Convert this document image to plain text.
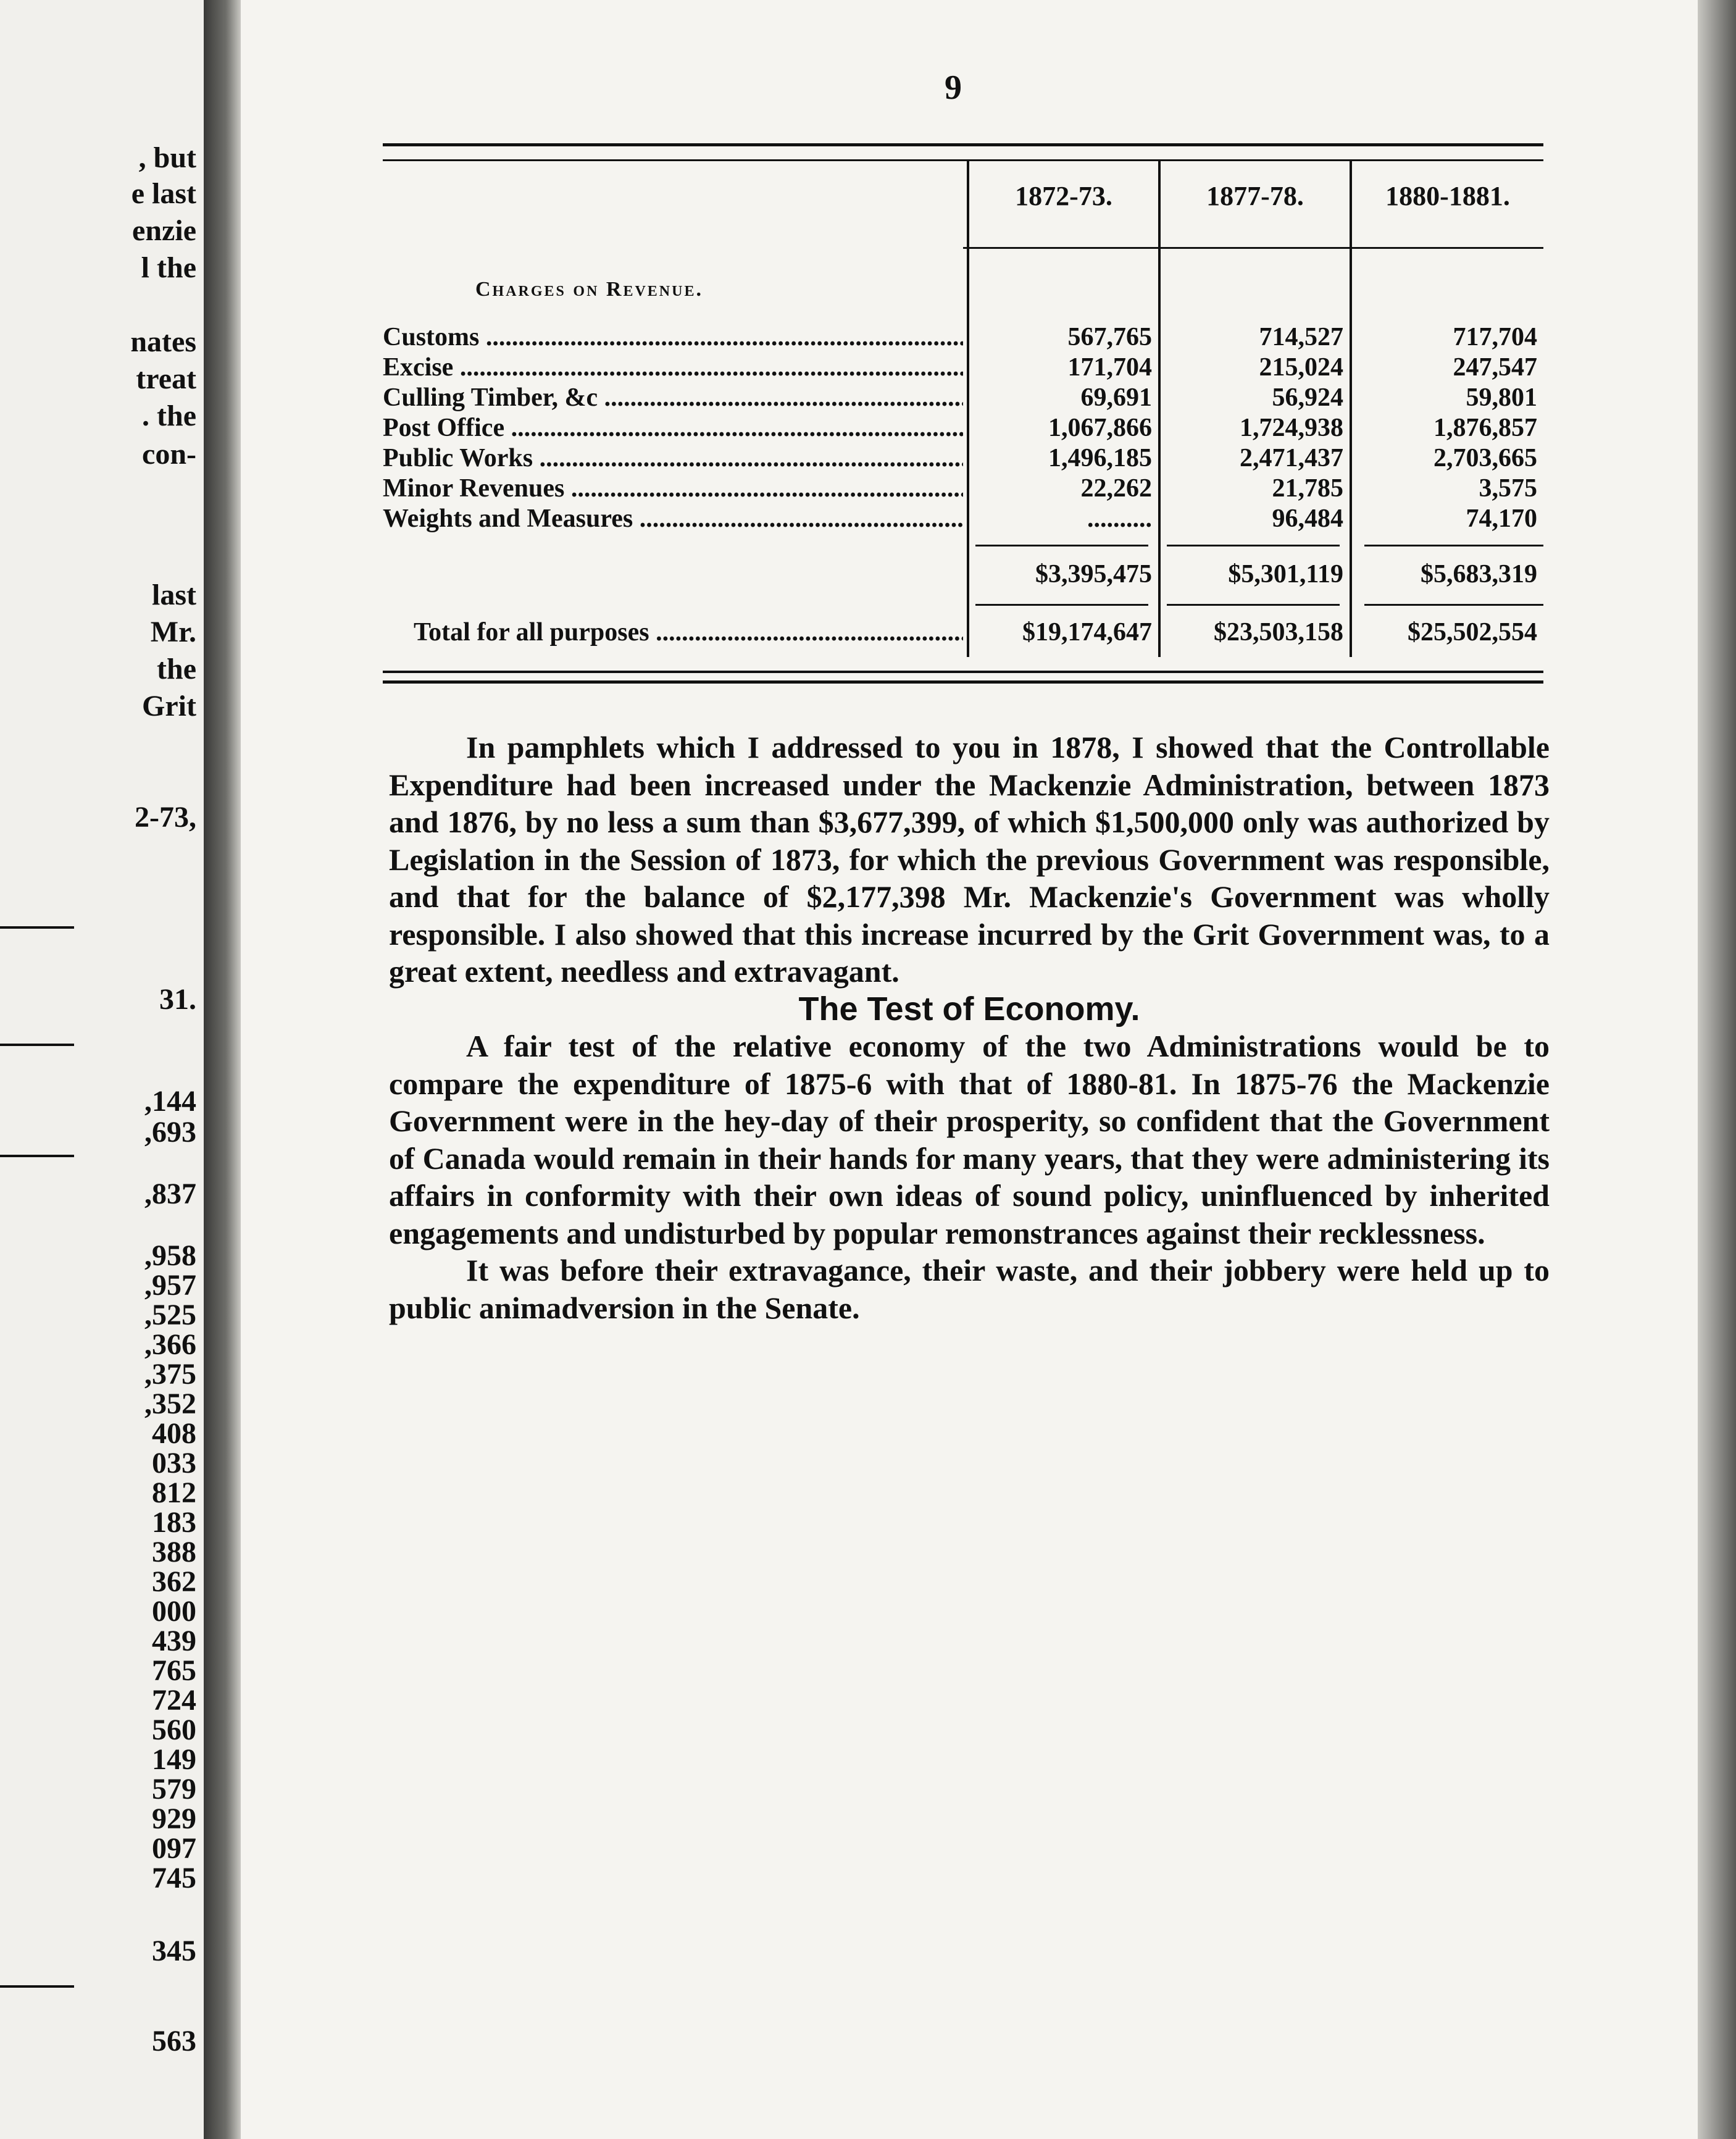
, but
e last
enzie
l the
nates
treat
. the
con-
last
Mr.
the
Grit
2-73,
31.
,144
,693
,837
,958
,957
,525
,366
,375
,352
408
033
812
183
388
362
000
439
765
724
560
149
579
929
097
745
345
563
9
1872-73.	1877-78.	1880-1881.
Charges on Revenue.
Customs .....	567,765	714,527	717,704
Excise .....	171,704	215,024	247,547
Culling Timber, &c .....	69,691	56,924	59,801
Post Office .....	1,067,866	1,724,938	1,876,857
Public Works .....	1,496,185	2,471,437	2,703,665
Minor Revenues .....	22,262	21,785	3,575
Weights and Measures .....	..........	96,484	74,170
$3,395,475	$5,301,119	$5,683,319
Total for all purposes .....	$19,174,647	$23,503,158	$25,502,554

In pamphlets which I addressed to you in 1878, I showed that the Controllable Expenditure had been increased under the Mackenzie Administration, between 1873 and 1876, by no less a sum than $3,677,399, of which $1,500,000 only was authorized by Legislation in the Session of 1873, for which the previous Government was responsible, and that for the balance of $2,177,398 Mr. Mackenzie's Government was wholly responsible. I also showed that this increase incurred by the Grit Government was, to a great extent, needless and extravagant.

The Test of Economy.

A fair test of the relative economy of the two Administrations would be to compare the expenditure of 1875-6 with that of 1880-81. In 1875-76 the Mackenzie Government were in the hey-day of their prosperity, so confident that the Government of Canada would remain in their hands for many years, that they were administering its affairs in conformity with their own ideas of sound policy, uninfluenced by inherited engagements and undisturbed by popular remonstrances against their recklessness.

It was before their extravagance, their waste, and their jobbery were held up to public animadversion in the Senate.
